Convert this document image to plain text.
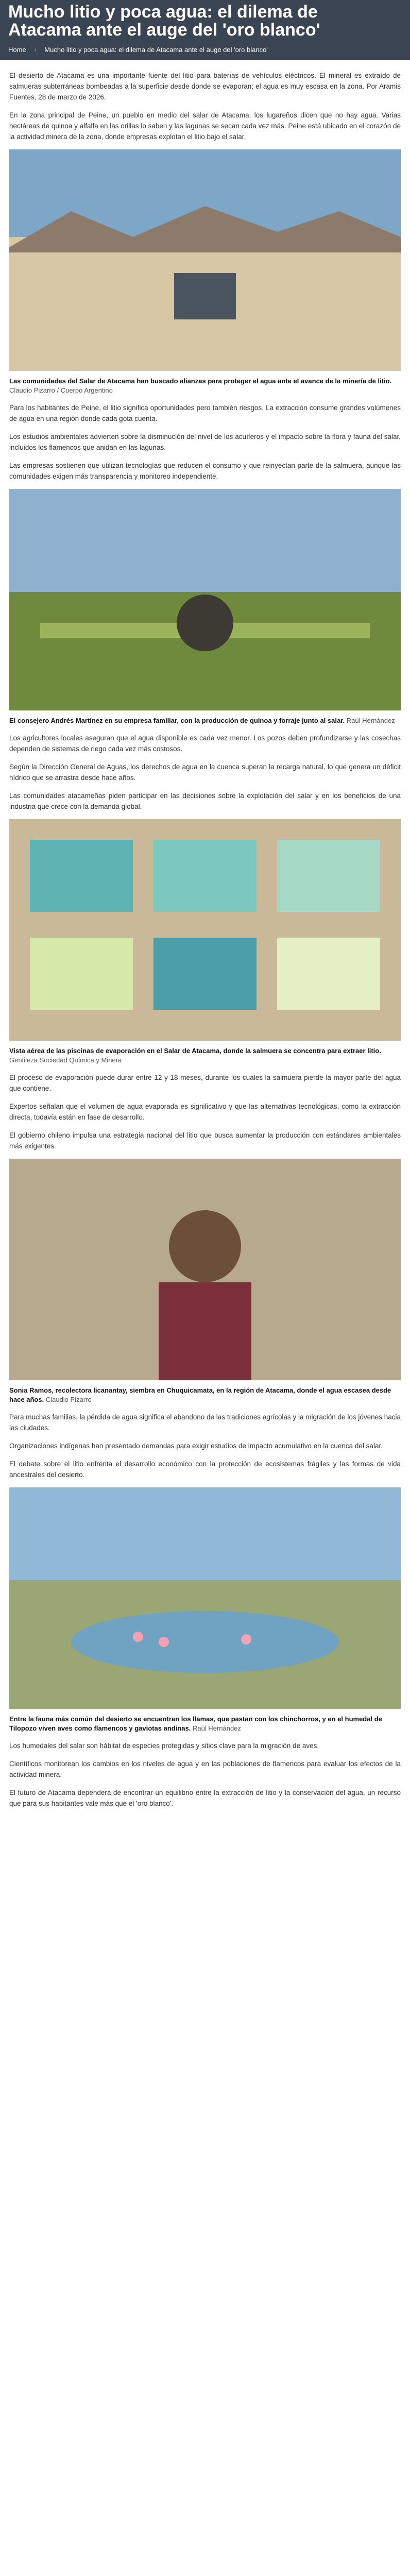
Mucho litio y poca agua: el dilema de Atacama ante el auge del 'oro blanco'
Home › Mucho litio y poca agua: el dilema de Atacama ante el auge del 'oro blanco'

El desierto de Atacama es una importante fuente del litio para baterías de vehículos eléctricos. El mineral es extraído de salmueras subterráneas bombeadas a la superficie desde donde se evaporan; el agua es muy escasa en la zona. Por Aramis Fuentes, 28 de marzo de 2026.

En la zona principal de Peine, un pueblo en medio del salar de Atacama, los lugareños dicen que no hay agua. Varias hectáreas de quinoa y alfalfa en las orillas lo saben y las lagunas se secan cada vez más. Peine está ubicado en el corazón de la actividad minera de la zona, donde empresas explotan el litio bajo el salar.

Las comunidades del Salar de Atacama han buscado alianzas para proteger el agua ante el avance de la minería de litio. Claudio Pizarro / Cuerpo Argentino

Para los habitantes de Peine, el litio significa oportunidades pero también riesgos. La extracción consume grandes volúmenes de agua en una región donde cada gota cuenta.

Los estudios ambientales advierten sobre la disminución del nivel de los acuíferos y el impacto sobre la flora y fauna del salar, incluidos los flamencos que anidan en las lagunas.

Las empresas sostienen que utilizan tecnologías que reducen el consumo y que reinyectan parte de la salmuera, aunque las comunidades exigen más transparencia y monitoreo independiente.

El consejero Andrés Martínez en su empresa familiar, con la producción de quinoa y forraje junto al salar. Raúl Hernández

Los agricultores locales aseguran que el agua disponible es cada vez menor. Los pozos deben profundizarse y las cosechas dependen de sistemas de riego cada vez más costosos.

Según la Dirección General de Aguas, los derechos de agua en la cuenca superan la recarga natural, lo que genera un déficit hídrico que se arrastra desde hace años.

Las comunidades atacameñas piden participar en las decisiones sobre la explotación del salar y en los beneficios de una industria que crece con la demanda global.

Vista aérea de las piscinas de evaporación en el Salar de Atacama, donde la salmuera se concentra para extraer litio. Gentileza Sociedad Química y Minera

El proceso de evaporación puede durar entre 12 y 18 meses, durante los cuales la salmuera pierde la mayor parte del agua que contiene.

Expertos señalan que el volumen de agua evaporada es significativo y que las alternativas tecnológicas, como la extracción directa, todavía están en fase de desarrollo.

El gobierno chileno impulsa una estrategia nacional del litio que busca aumentar la producción con estándares ambientales más exigentes.

Sonia Ramos, recolectora licanantay, siembra en Chuquicamata, en la región de Atacama, donde el agua escasea desde hace años. Claudio Pizarro

Para muchas familias, la pérdida de agua significa el abandono de las tradiciones agrícolas y la migración de los jóvenes hacia las ciudades.

Organizaciones indígenas han presentado demandas para exigir estudios de impacto acumulativo en la cuenca del salar.

El debate sobre el litio enfrenta el desarrollo económico con la protección de ecosistemas frágiles y las formas de vida ancestrales del desierto.

Entre la fauna más común del desierto se encuentran los llamas, que pastan con los chinchorros, y en el humedal de Tilopozo viven aves como flamencos y gaviotas andinas. Raúl Hernández

Los humedales del salar son hábitat de especies protegidas y sitios clave para la migración de aves.

Científicos monitorean los cambios en los niveles de agua y en las poblaciones de flamencos para evaluar los efectos de la actividad minera.

El futuro de Atacama dependerá de encontrar un equilibrio entre la extracción de litio y la conservación del agua, un recurso que para sus habitantes vale más que el 'oro blanco'.
